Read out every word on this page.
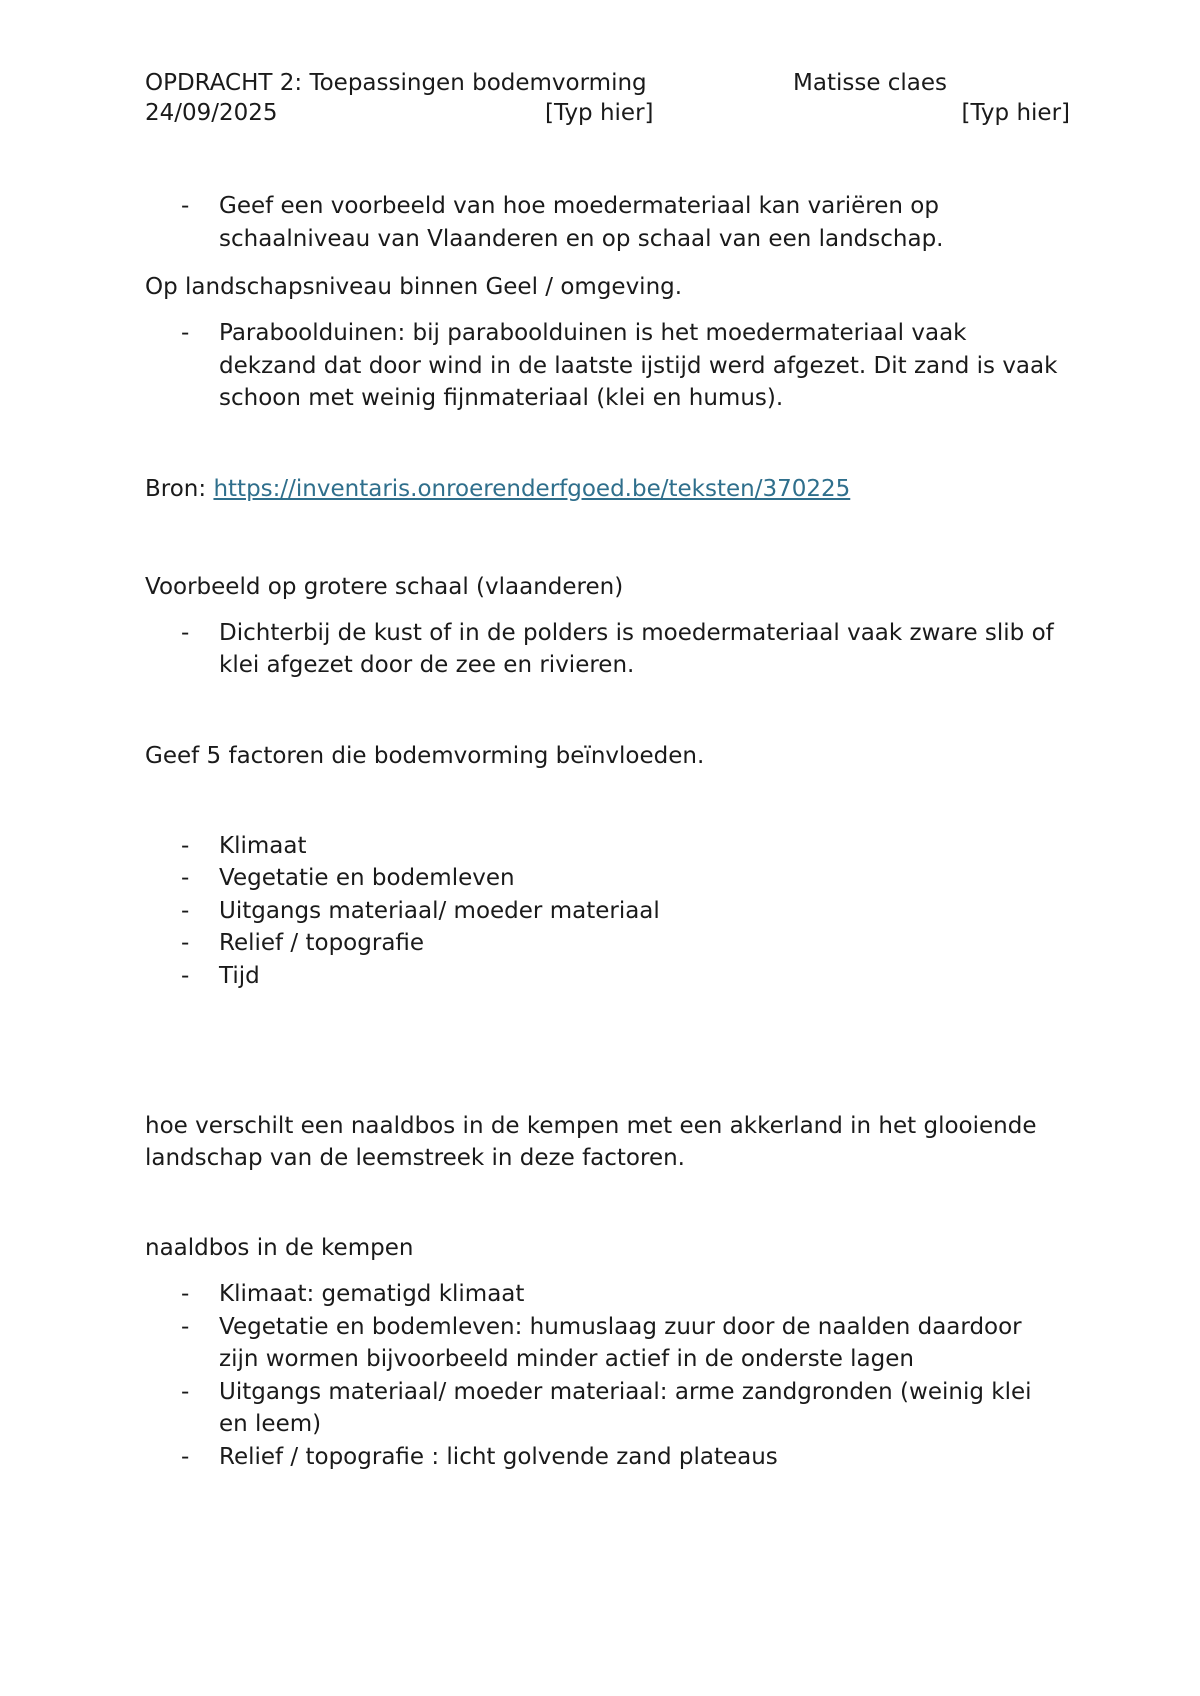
OPDRACHT 2: Toepassingen bodemvorming	Matisse claes
24/09/2025	[Typ hier]	[Typ hier]
- Geef een voorbeeld van hoe moedermateriaal kan variëren op schaalniveau van Vlaanderen en op schaal van een landschap.

Op landschapsniveau binnen Geel / omgeving.

- Paraboolduinen: bij paraboolduinen is het moedermateriaal vaak dekzand dat door wind in de laatste ijstijd werd afgezet. Dit zand is vaak schoon met weinig fijnmateriaal (klei en humus).

Bron: https://inventaris.onroerenderfgoed.be/teksten/370225

Voorbeeld op grotere schaal (vlaanderen)

- Dichterbij de kust of in de polders is moedermateriaal vaak zware slib of klei afgezet door de zee en rivieren.

Geef 5 factoren die bodemvorming beïnvloeden.

- Klimaat
- Vegetatie en bodemleven
- Uitgangs materiaal/ moeder materiaal
- Relief / topografie
- Tijd

hoe verschilt een naaldbos in de kempen met een akkerland in het glooiende landschap van de leemstreek in deze factoren.

naaldbos in de kempen

- Klimaat: gematigd klimaat
- Vegetatie en bodemleven: humuslaag zuur door de naalden daardoor zijn wormen bijvoorbeeld minder actief in de onderste lagen
- Uitgangs materiaal/ moeder materiaal: arme zandgronden (weinig klei en leem)
- Relief / topografie : licht golvende zand plateaus
